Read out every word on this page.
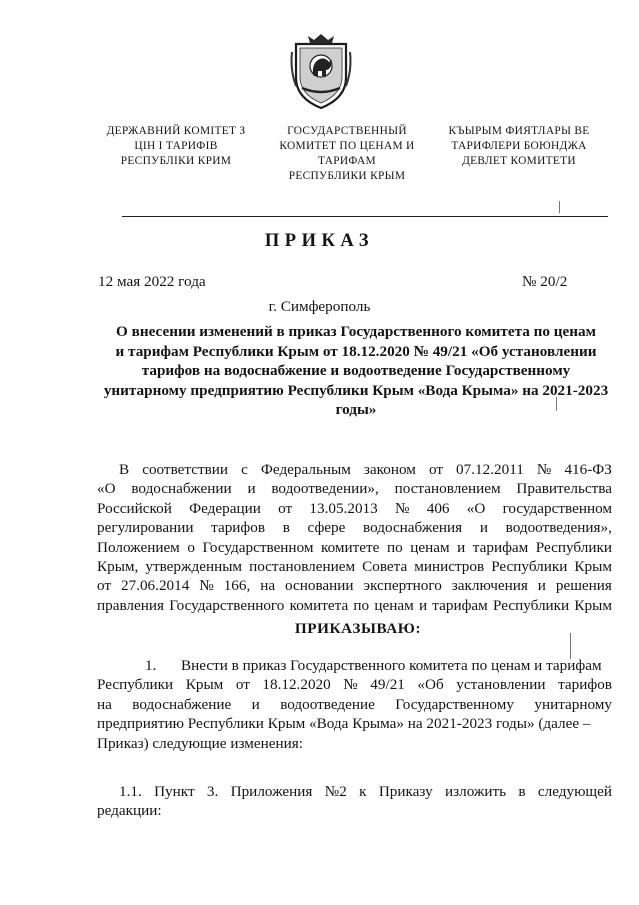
ДЕРЖАВНИЙ КОМІТЕТ З
ЦІН І ТАРИФІВ
РЕСПУБЛІКИ КРИМ
ГОСУДАРСТВЕННЫЙ
КОМИТЕТ ПО ЦЕНАМ И
ТАРИФАМ
РЕСПУБЛИКИ КРЫМ
КЪЫРЫМ ФИЯТЛАРЫ ВЕ
ТАРИФЛЕРИ БОЮНДЖА
ДЕВЛЕТ КОМИТЕТИ
ПРИКАЗ
12 мая 2022 года	№ 20/2
г. Симферополь
О внесении изменений в приказ Государственного комитета по ценам
и тарифам Республики Крым от 18.12.2020 № 49/21 «Об установлении
тарифов на водоснабжение и водоотведение Государственному
унитарному предприятию Республики Крым «Вода Крыма» на 2021-2023
годы»
В соответствии с Федеральным законом от 07.12.2011 № 416-ФЗ
«О водоснабжении и водоотведении», постановлением Правительства
Российской Федерации от 13.05.2013 № 406 «О государственном
регулировании тарифов в сфере водоснабжения и водоотведения»,
Положением о Государственном комитете по ценам и тарифам Республики
Крым, утвержденным постановлением Совета министров Республики Крым
от 27.06.2014 № 166, на основании экспертного заключения и решения
правления Государственного комитета по ценам и тарифам Республики Крым
ПРИКАЗЫВАЮ:
1. Внести в приказ Государственного комитета по ценам и тарифам
Республики Крым от 18.12.2020 № 49/21 «Об установлении тарифов
на водоснабжение и водоотведение Государственному унитарному
предприятию Республики Крым «Вода Крыма» на 2021-2023 годы» (далее –
Приказ) следующие изменения:
1.1. Пункт 3. Приложения №2 к Приказу изложить в следующей
редакции:
